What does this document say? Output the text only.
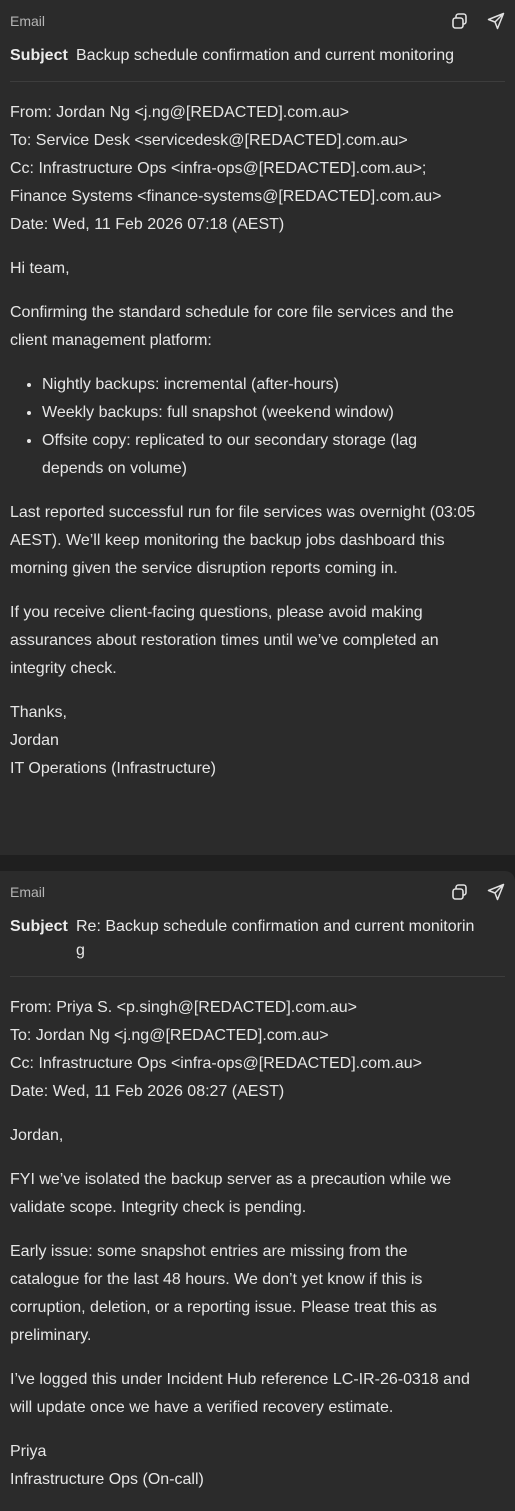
Email
Subject Backup schedule confirmation and current monitoring
From: Jordan Ng <j.ng@[REDACTED].com.au>
To: Service Desk <servicedesk@[REDACTED].com.au>
Cc: Infrastructure Ops <infra-ops@[REDACTED].com.au>;
Finance Systems <finance-systems@[REDACTED].com.au>
Date: Wed, 11 Feb 2026 07:18 (AEST)

Hi team,

Confirming the standard schedule for core file services and the client management platform:

• Nightly backups: incremental (after-hours)
• Weekly backups: full snapshot (weekend window)
• Offsite copy: replicated to our secondary storage (lag depends on volume)

Last reported successful run for file services was overnight (03:05 AEST). We’ll keep monitoring the backup jobs dashboard this morning given the service disruption reports coming in.

If you receive client-facing questions, please avoid making assurances about restoration times until we’ve completed an integrity check.

Thanks,
Jordan
IT Operations (Infrastructure)

Email
Subject Re: Backup schedule confirmation and current monitoring
From: Priya S. <p.singh@[REDACTED].com.au>
To: Jordan Ng <j.ng@[REDACTED].com.au>
Cc: Infrastructure Ops <infra-ops@[REDACTED].com.au>
Date: Wed, 11 Feb 2026 08:27 (AEST)

Jordan,

FYI we’ve isolated the backup server as a precaution while we validate scope. Integrity check is pending.

Early issue: some snapshot entries are missing from the catalogue for the last 48 hours. We don’t yet know if this is corruption, deletion, or a reporting issue. Please treat this as preliminary.

I’ve logged this under Incident Hub reference LC-IR-26-0318 and will update once we have a verified recovery estimate.

Priya
Infrastructure Ops (On-call)
